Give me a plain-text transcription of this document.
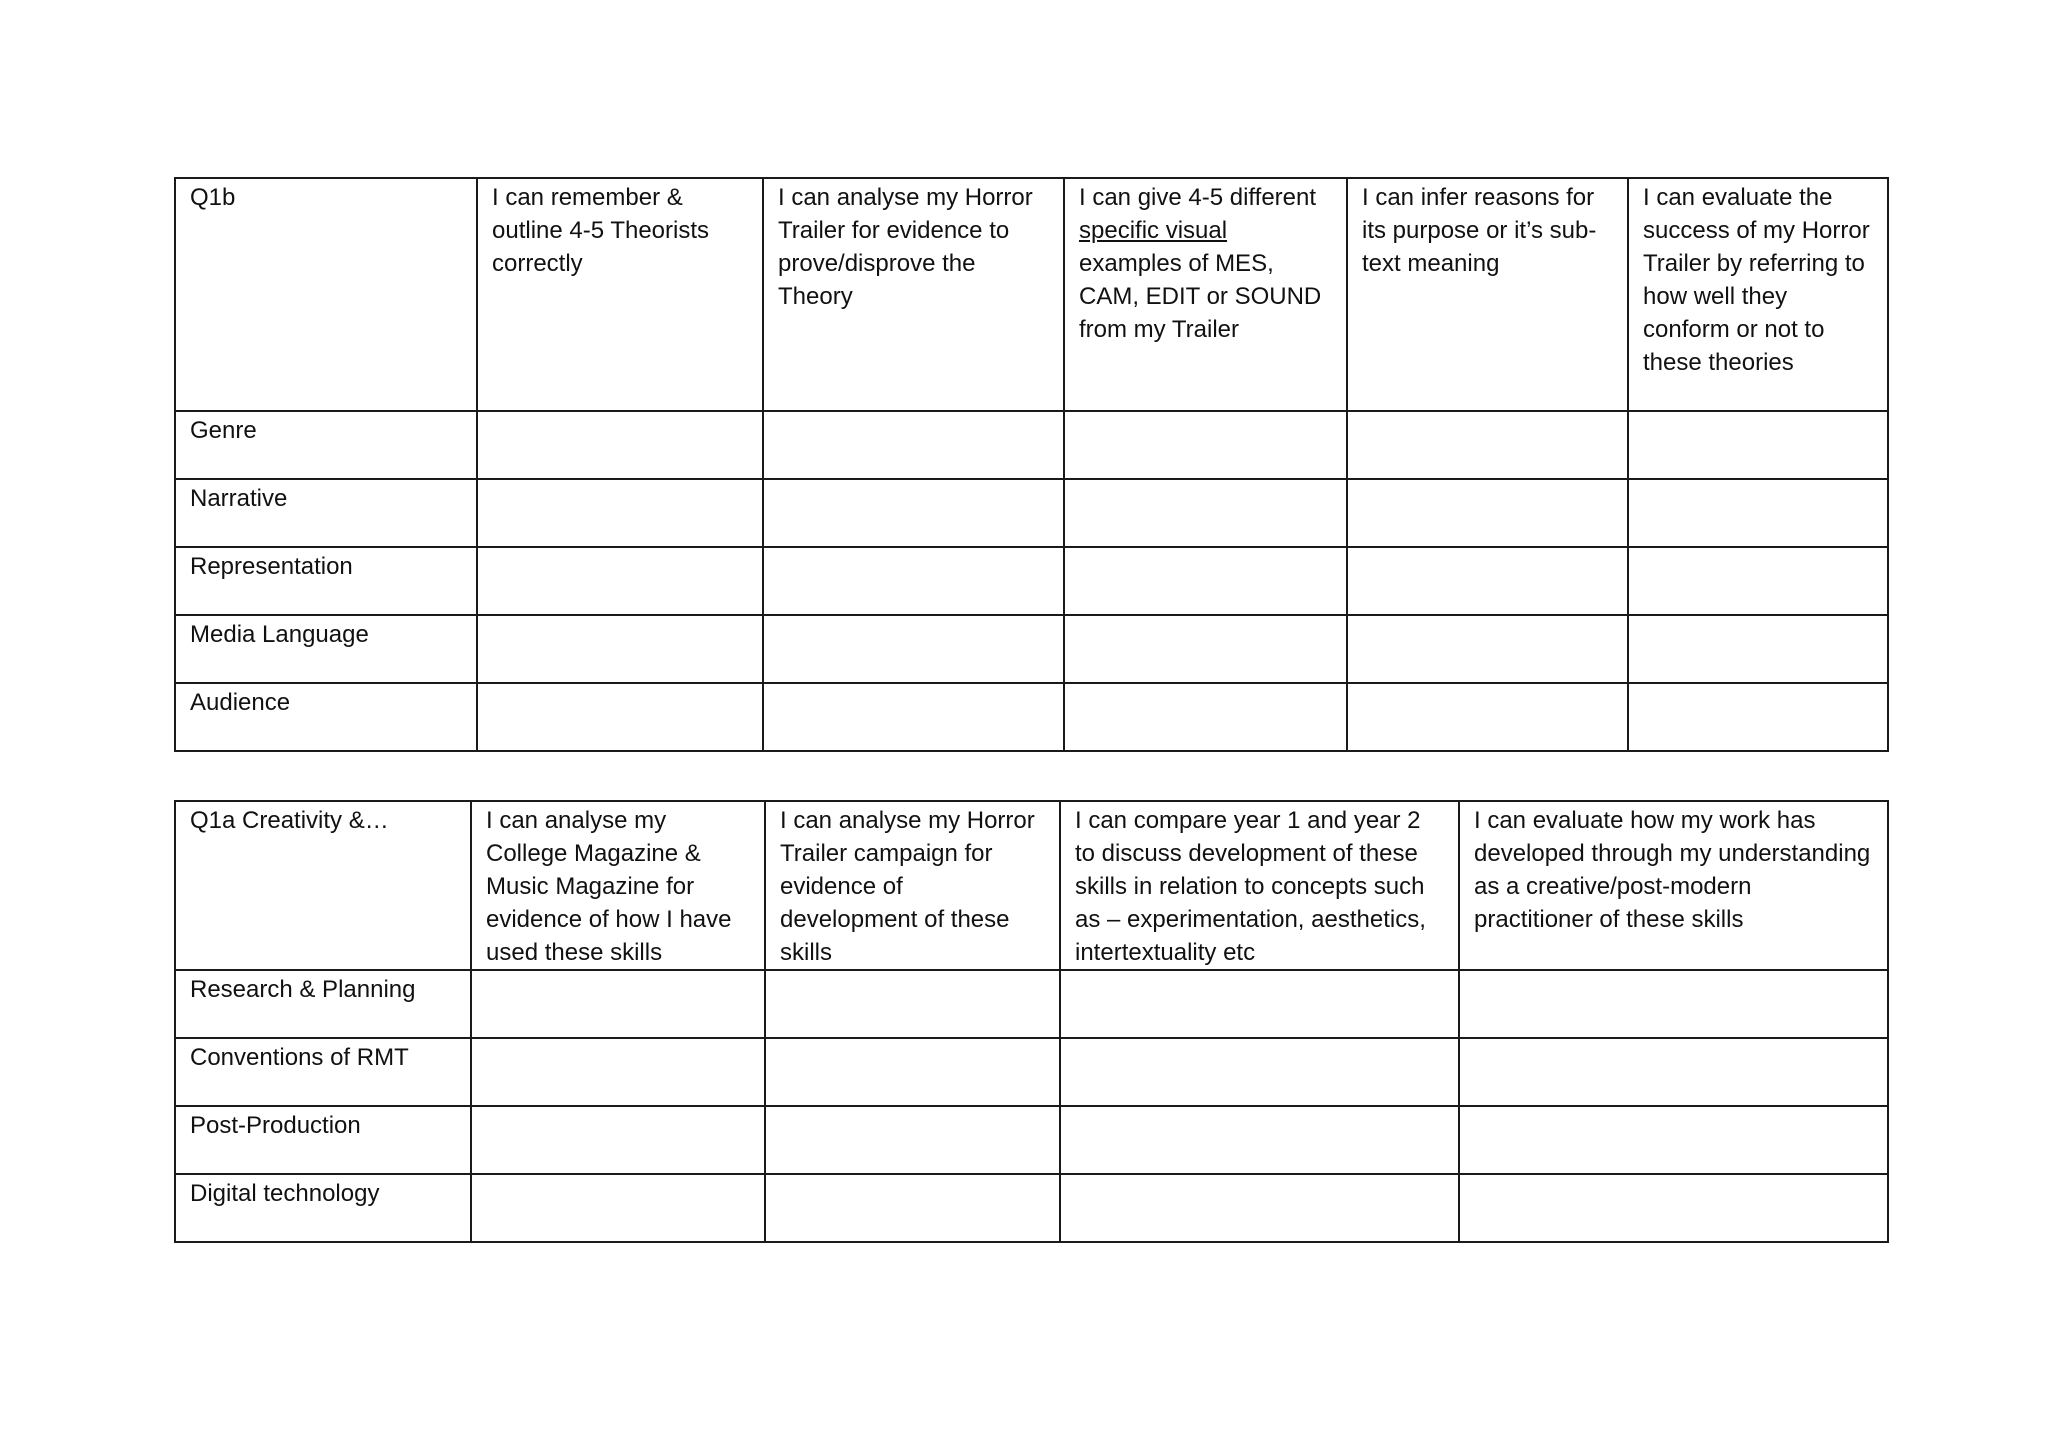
Q1b	I can remember & outline 4-5 Theorists correctly	I can analyse my Horror Trailer for evidence to prove/disprove the Theory	I can give 4-5 different specific visual examples of MES, CAM, EDIT or SOUND from my Trailer	I can infer reasons for its purpose or it’s sub-text meaning	I can evaluate the success of my Horror Trailer by referring to how well they conform or not to these theories
Genre					
Narrative					
Representation					
Media Language					
Audience					
Q1a Creativity &…	I can analyse my College Magazine & Music Magazine for evidence of how I have used these skills	I can analyse my Horror Trailer campaign for evidence of development of these skills	I can compare year 1 and year 2 to discuss development of these skills in relation to concepts such as – experimentation, aesthetics, intertextuality etc	I can evaluate how my work has developed through my understanding as a creative/post-modern practitioner of these skills
Research & Planning				
Conventions of RMT				
Post-Production				
Digital technology				
